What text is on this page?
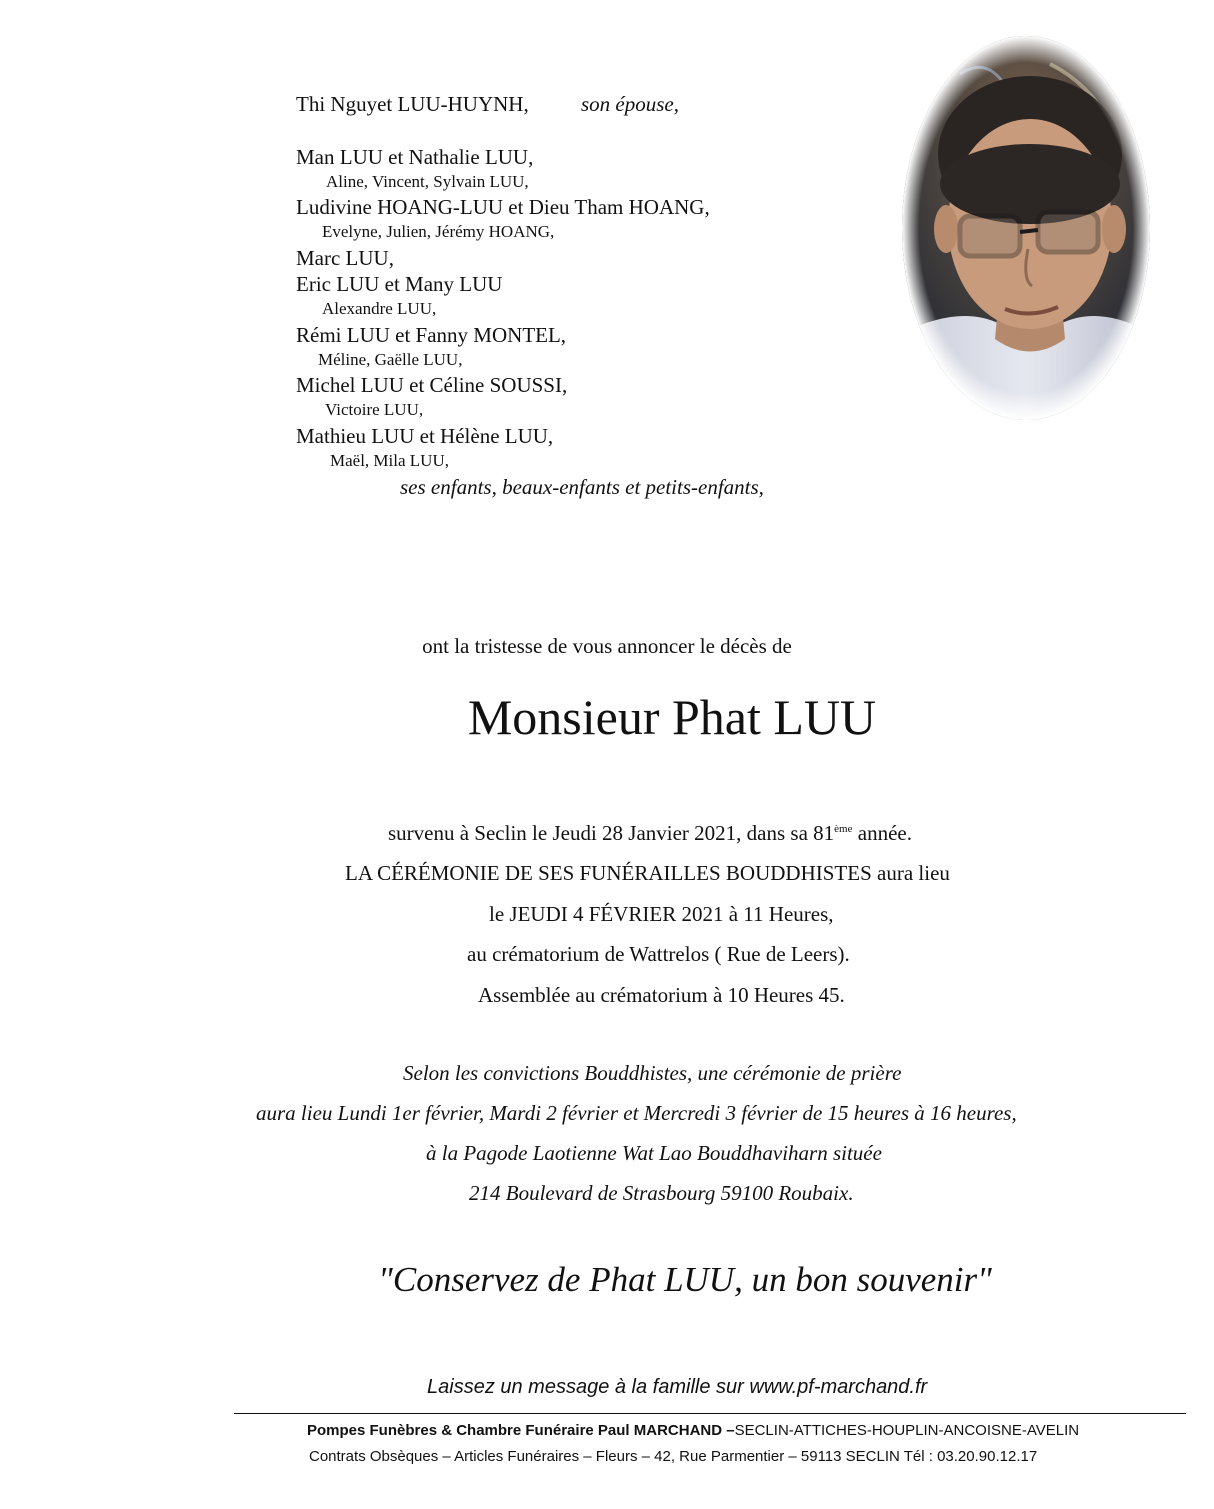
Thi Nguyet LUU-HUYNH, son épouse,
Man LUU et Nathalie LUU,
Aline, Vincent, Sylvain LUU,
Ludivine HOANG-LUU et Dieu Tham HOANG,
Evelyne, Julien, Jérémy HOANG,
Marc LUU,
Eric LUU et Many LUU
Alexandre LUU,
Rémi LUU et Fanny MONTEL,
Méline, Gaëlle LUU,
Michel LUU et Céline SOUSSI,
Victoire LUU,
Mathieu LUU et Hélène LUU,
Maël, Mila LUU,
ses enfants, beaux-enfants et petits-enfants,
ont la tristesse de vous annoncer le décès de
Monsieur Phat LUU
survenu à Seclin le Jeudi 28 Janvier 2021, dans sa 81ème année.
LA CÉRÉMONIE DE SES FUNÉRAILLES BOUDDHISTES aura lieu
le JEUDI 4 FÉVRIER 2021 à 11 Heures,
au crématorium de Wattrelos ( Rue de Leers).
Assemblée au crématorium à 10 Heures 45.
Selon les convictions Bouddhistes, une cérémonie de prière
aura lieu Lundi 1er février, Mardi 2 février et Mercredi 3 février de 15 heures à 16 heures,
à la Pagode Laotienne Wat Lao Bouddhaviharn située
214 Boulevard de Strasbourg 59100 Roubaix.
"Conservez de Phat LUU, un bon souvenir"
Laissez un message à la famille sur www.pf-marchand.fr
Pompes Funèbres & Chambre Funéraire Paul MARCHAND –SECLIN-ATTICHES-HOUPLIN-ANCOISNE-AVELIN
Contrats Obsèques – Articles Funéraires – Fleurs – 42, Rue Parmentier – 59113 SECLIN Tél : 03.20.90.12.17
